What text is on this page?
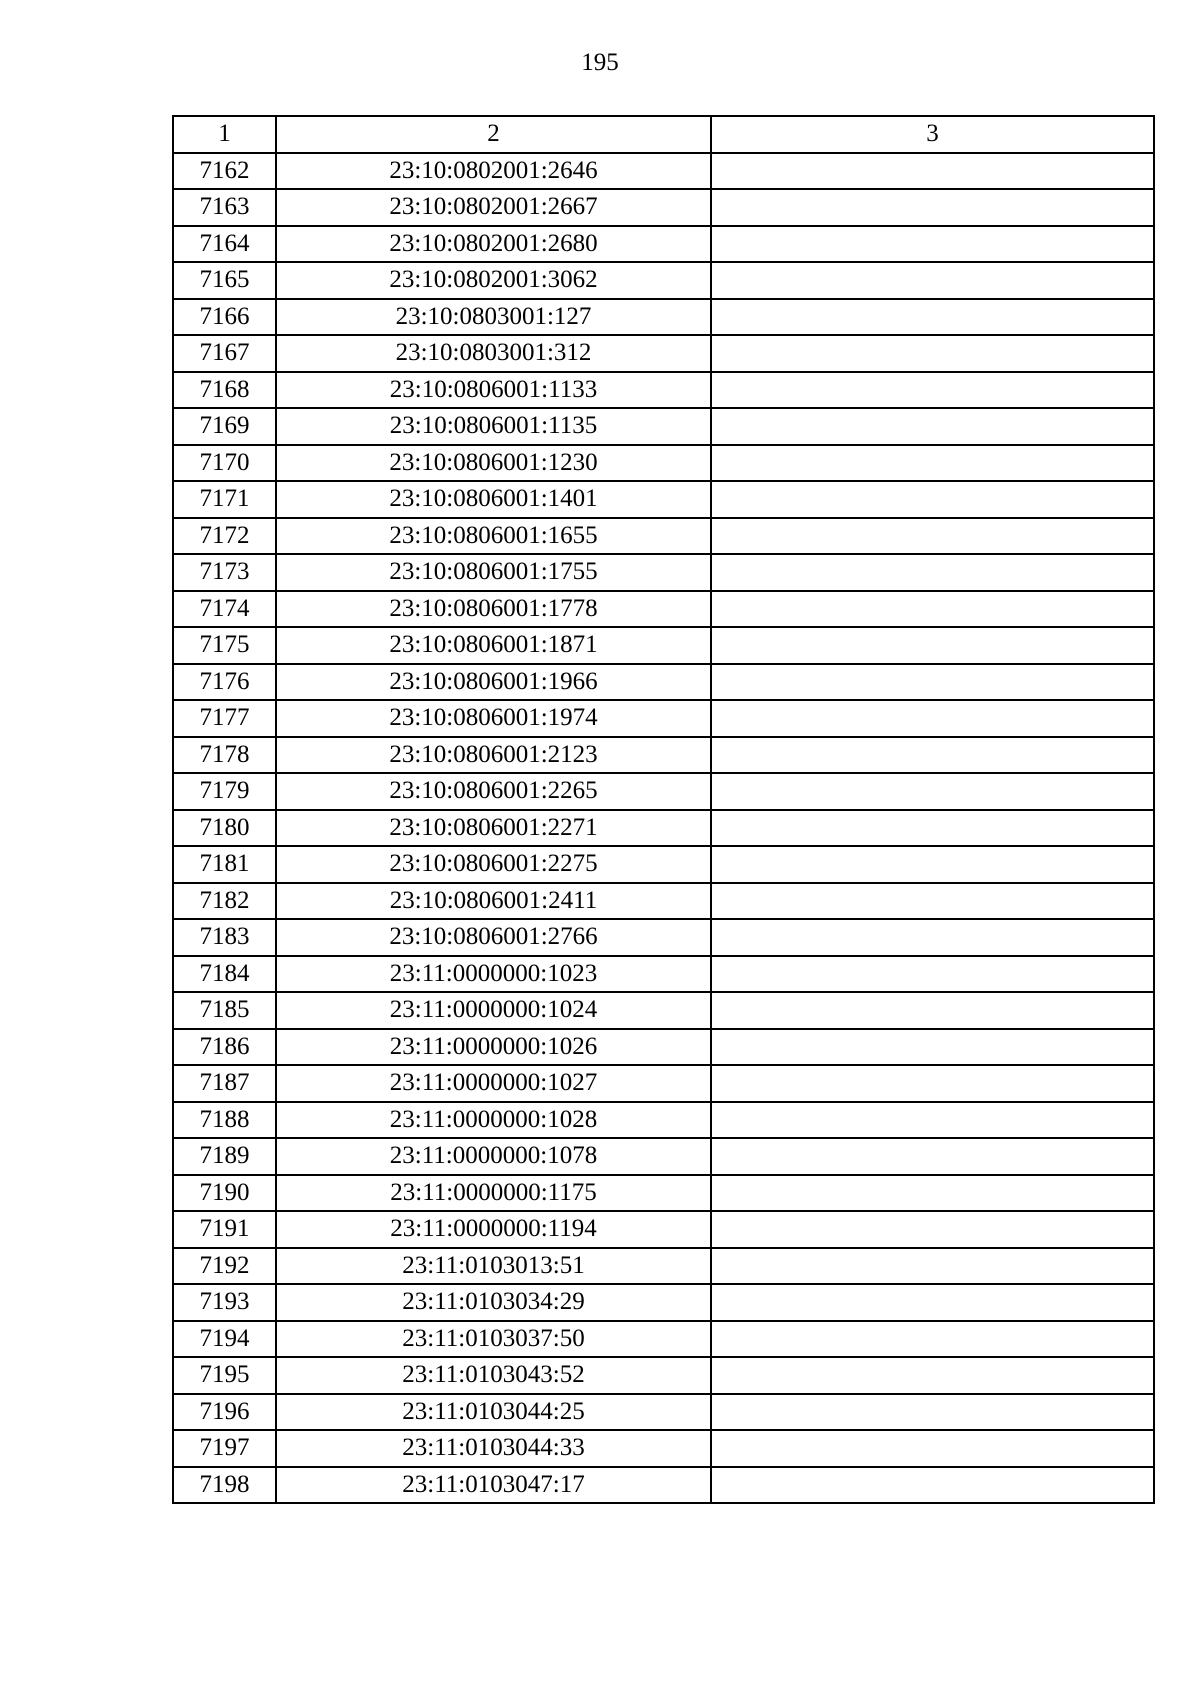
195
1	2	3
7162	23:10:0802001:2646	
7163	23:10:0802001:2667	
7164	23:10:0802001:2680	
7165	23:10:0802001:3062	
7166	23:10:0803001:127	
7167	23:10:0803001:312	
7168	23:10:0806001:1133	
7169	23:10:0806001:1135	
7170	23:10:0806001:1230	
7171	23:10:0806001:1401	
7172	23:10:0806001:1655	
7173	23:10:0806001:1755	
7174	23:10:0806001:1778	
7175	23:10:0806001:1871	
7176	23:10:0806001:1966	
7177	23:10:0806001:1974	
7178	23:10:0806001:2123	
7179	23:10:0806001:2265	
7180	23:10:0806001:2271	
7181	23:10:0806001:2275	
7182	23:10:0806001:2411	
7183	23:10:0806001:2766	
7184	23:11:0000000:1023	
7185	23:11:0000000:1024	
7186	23:11:0000000:1026	
7187	23:11:0000000:1027	
7188	23:11:0000000:1028	
7189	23:11:0000000:1078	
7190	23:11:0000000:1175	
7191	23:11:0000000:1194	
7192	23:11:0103013:51	
7193	23:11:0103034:29	
7194	23:11:0103037:50	
7195	23:11:0103043:52	
7196	23:11:0103044:25	
7197	23:11:0103044:33	
7198	23:11:0103047:17	
